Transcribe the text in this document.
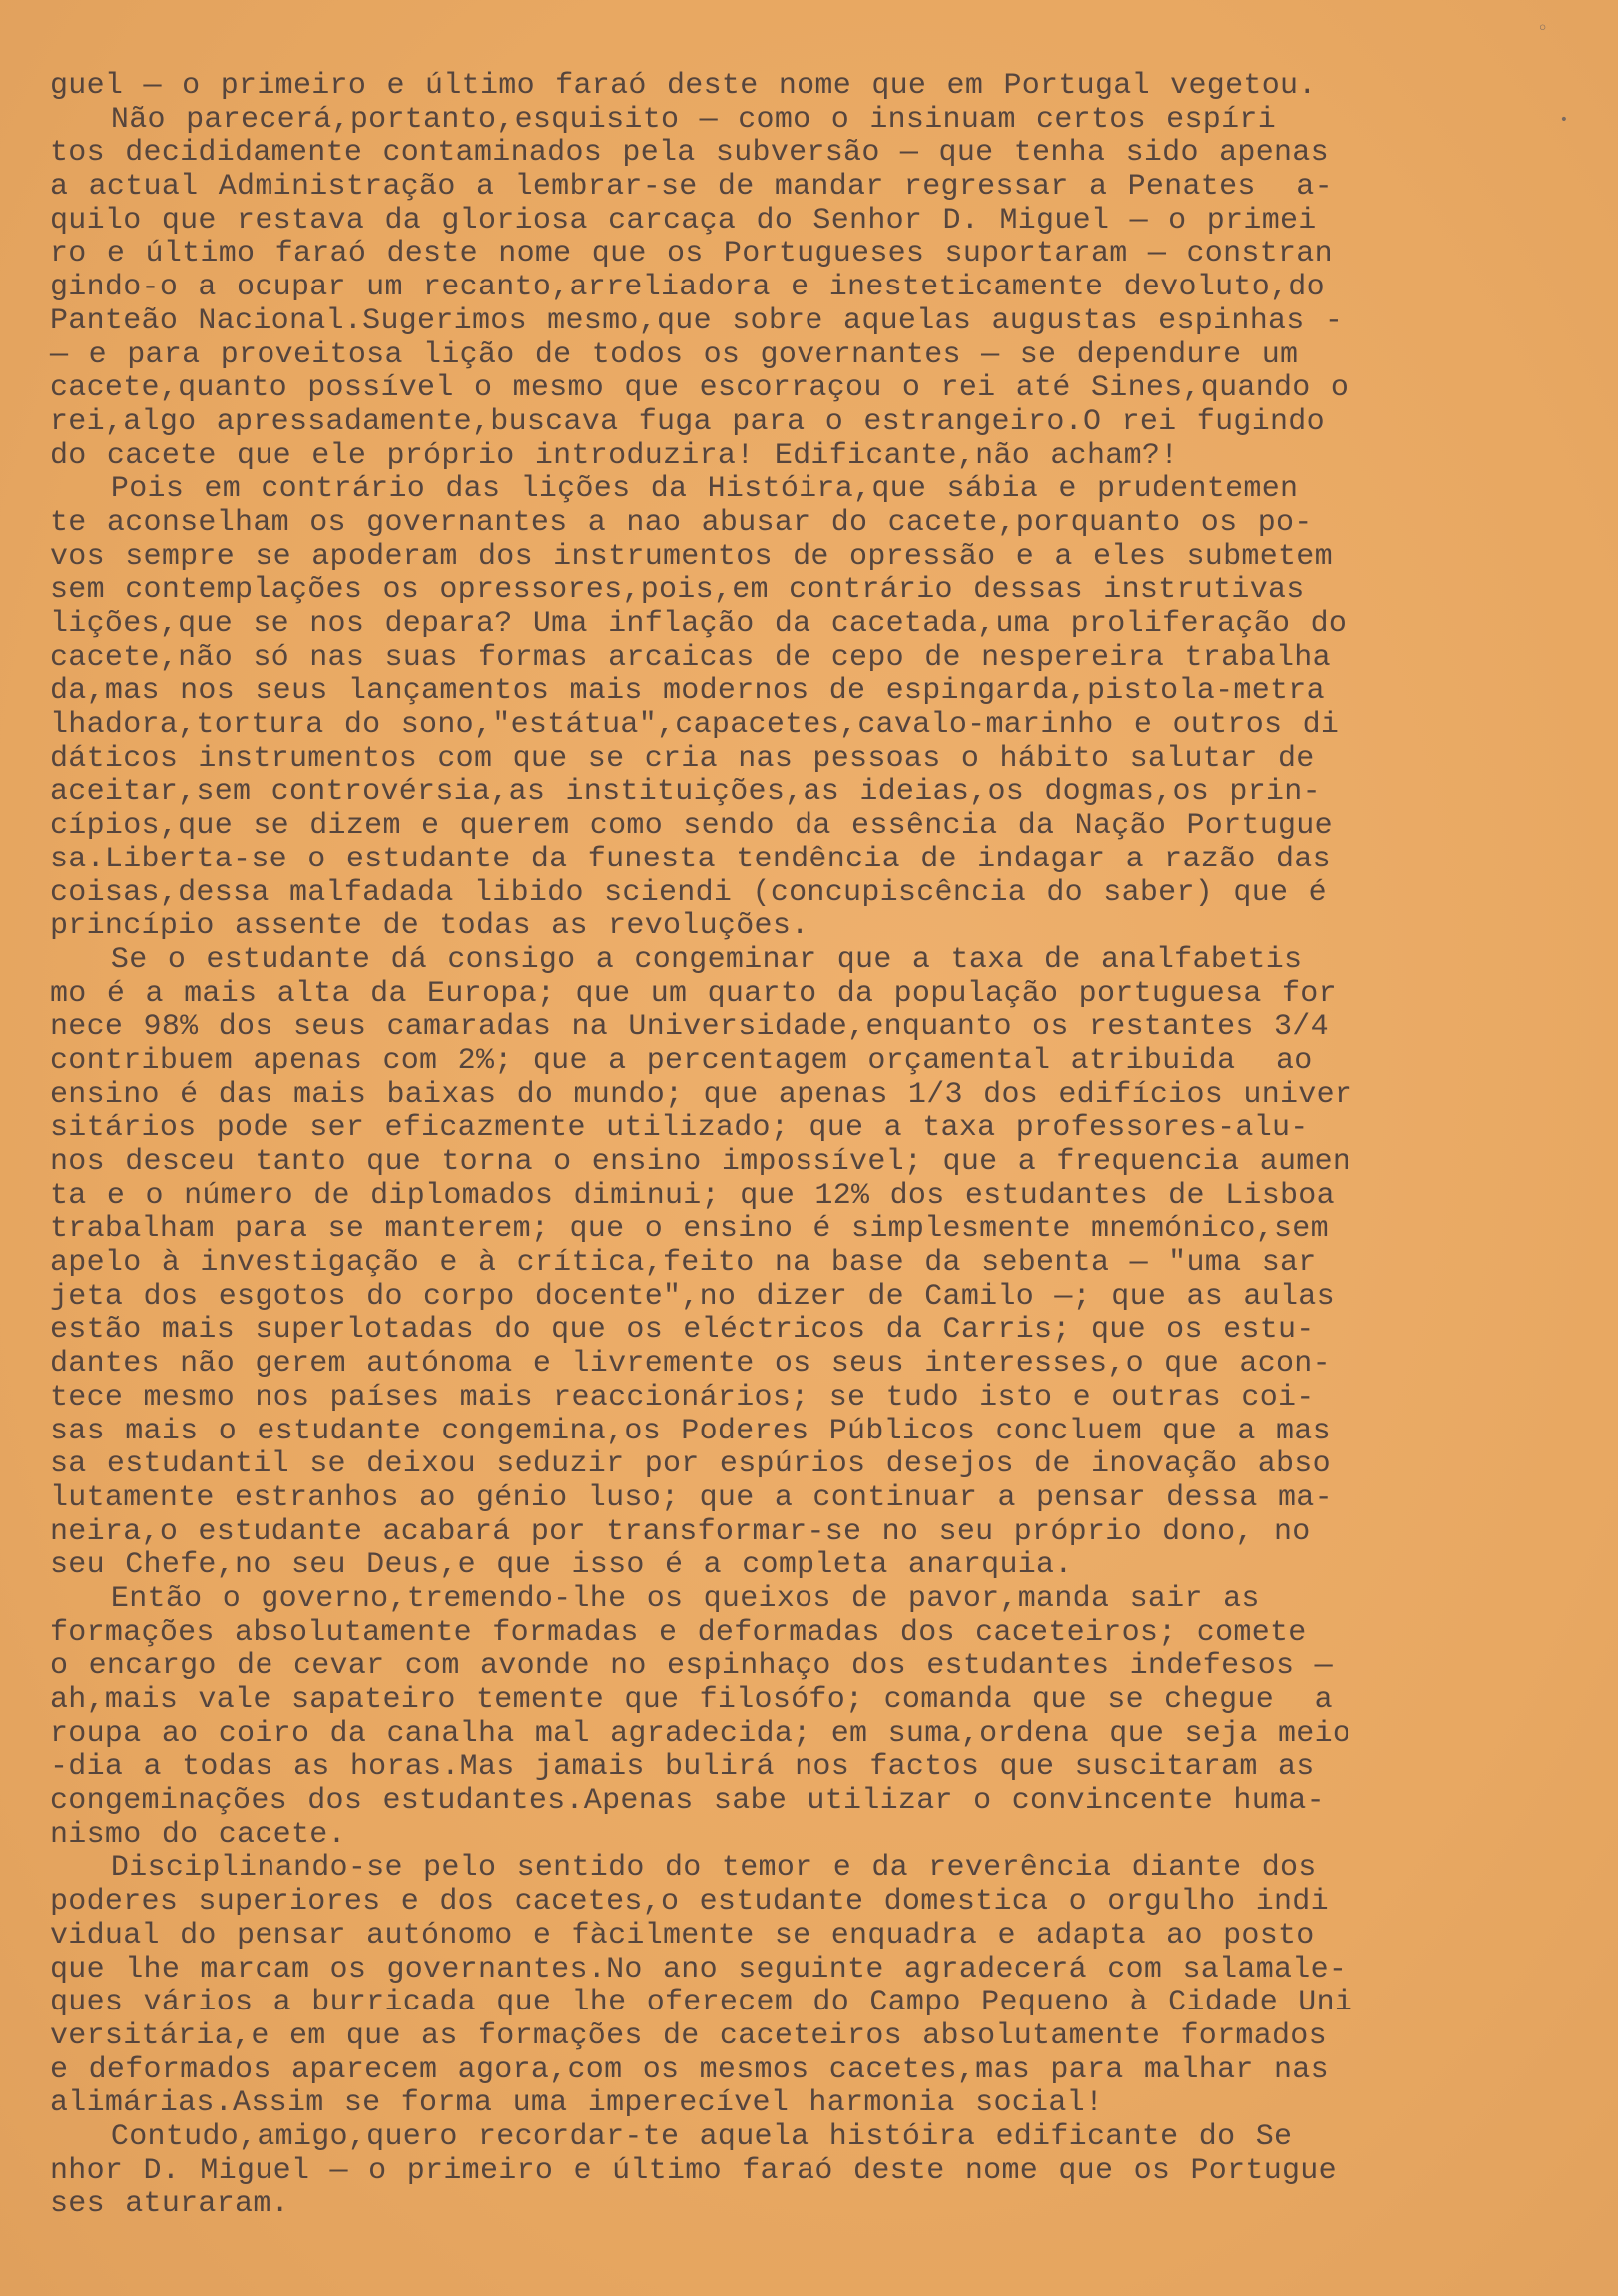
◦
•
guel — o primeiro e último faraó deste nome que em Portugal vegetou.
Não parecerá,portanto,esquisito — como o insinuam certos espíri
tos decididamente contaminados pela subversão — que tenha sido apenas
a actual Administração a lembrar-se de mandar regressar a Penates  a-
quilo que restava da gloriosa carcaça do Senhor D. Miguel — o primei
ro e último faraó deste nome que os Portugueses suportaram — constran
gindo-o a ocupar um recanto,arreliadora e inesteticamente devoluto,do
Panteão Nacional.Sugerimos mesmo,que sobre aquelas augustas espinhas -
— e para proveitosa lição de todos os governantes — se dependure um
cacete,quanto possível o mesmo que escorraçou o rei até Sines,quando o
rei,algo apressadamente,buscava fuga para o estrangeiro.O rei fugindo
do cacete que ele próprio introduzira! Edificante,não acham?!
Pois em contrário das lições da Históira,que sábia e prudentemen
te aconselham os governantes a nao abusar do cacete,porquanto os po-
vos sempre se apoderam dos instrumentos de opressão e a eles submetem
sem contemplações os opressores,pois,em contrário dessas instrutivas
lições,que se nos depara? Uma inflação da cacetada,uma proliferação do
cacete,não só nas suas formas arcaicas de cepo de nespereira trabalha
da,mas nos seus lançamentos mais modernos de espingarda,pistola-metra
lhadora,tortura do sono,"estátua",capacetes,cavalo-marinho e outros di
dáticos instrumentos com que se cria nas pessoas o hábito salutar de
aceitar,sem controvérsia,as instituições,as ideias,os dogmas,os prin-
cípios,que se dizem e querem como sendo da essência da Nação Portugue
sa.Liberta-se o estudante da funesta tendência de indagar a razão das
coisas,dessa malfadada libido sciendi (concupiscência do saber) que é
princípio assente de todas as revoluções.
Se o estudante dá consigo a congeminar que a taxa de analfabetis
mo é a mais alta da Europa; que um quarto da população portuguesa for
nece 98% dos seus camaradas na Universidade,enquanto os restantes 3/4
contribuem apenas com 2%; que a percentagem orçamental atribuida  ao
ensino é das mais baixas do mundo; que apenas 1/3 dos edifícios univer
sitários pode ser eficazmente utilizado; que a taxa professores-alu-
nos desceu tanto que torna o ensino impossível; que a frequencia aumen
ta e o número de diplomados diminui; que 12% dos estudantes de Lisboa
trabalham para se manterem; que o ensino é simplesmente mnemónico,sem
apelo à investigação e à crítica,feito na base da sebenta — "uma sar
jeta dos esgotos do corpo docente",no dizer de Camilo —; que as aulas
estão mais superlotadas do que os eléctricos da Carris; que os estu-
dantes não gerem autónoma e livremente os seus interesses,o que acon-
tece mesmo nos países mais reaccionários; se tudo isto e outras coi-
sas mais o estudante congemina,os Poderes Públicos concluem que a mas
sa estudantil se deixou seduzir por espúrios desejos de inovação abso
lutamente estranhos ao génio luso; que a continuar a pensar dessa ma-
neira,o estudante acabará por transformar-se no seu próprio dono, no
seu Chefe,no seu Deus,e que isso é a completa anarquia.
Então o governo,tremendo-lhe os queixos de pavor,manda sair as
formações absolutamente formadas e deformadas dos caceteiros; comete
o encargo de cevar com avonde no espinhaço dos estudantes indefesos —
ah,mais vale sapateiro temente que filosófo; comanda que se chegue  a
roupa ao coiro da canalha mal agradecida; em suma,ordena que seja meio
-dia a todas as horas.Mas jamais bulirá nos factos que suscitaram as
congeminações dos estudantes.Apenas sabe utilizar o convincente huma-
nismo do cacete.
Disciplinando-se pelo sentido do temor e da reverência diante dos
poderes superiores e dos cacetes,o estudante domestica o orgulho indi
vidual do pensar autónomo e fàcilmente se enquadra e adapta ao posto
que lhe marcam os governantes.No ano seguinte agradecerá com salamale-
ques vários a burricada que lhe oferecem do Campo Pequeno à Cidade Uni
versitária,e em que as formações de caceteiros absolutamente formados
e deformados aparecem agora,com os mesmos cacetes,mas para malhar nas
alimárias.Assim se forma uma imperecível harmonia social!
Contudo,amigo,quero recordar-te aquela históira edificante do Se
nhor D. Miguel — o primeiro e último faraó deste nome que os Portugue
ses aturaram.
